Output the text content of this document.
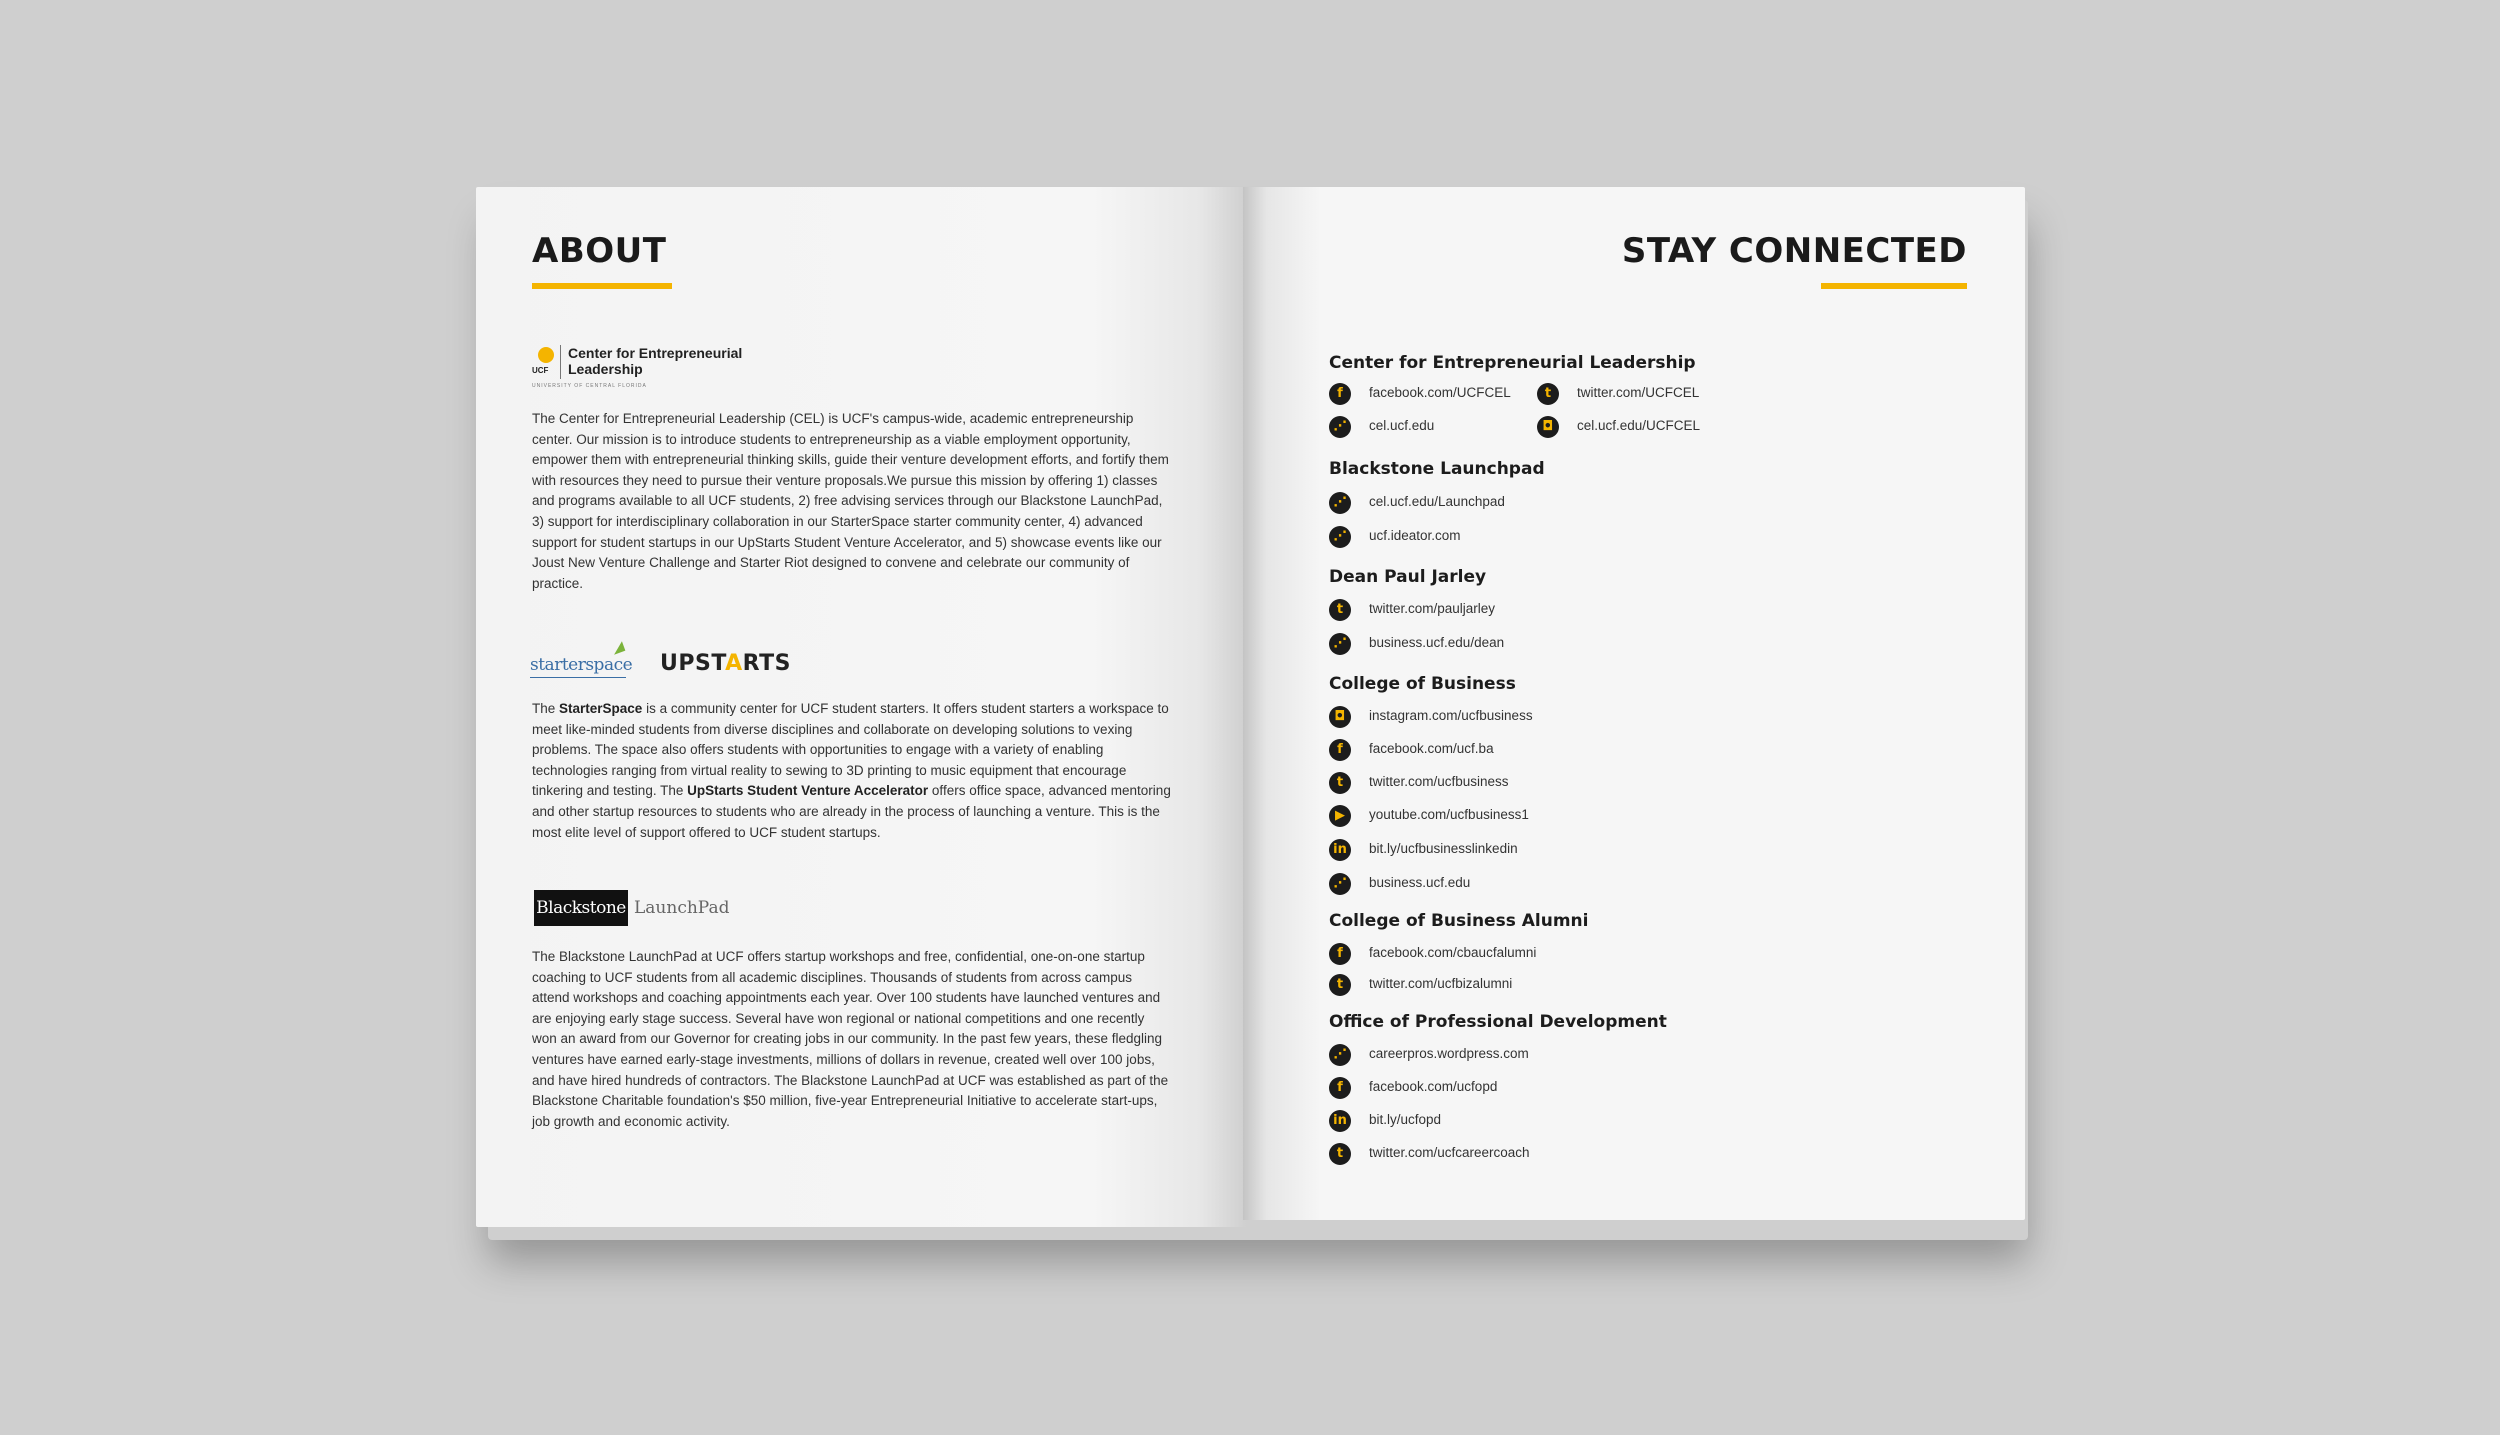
ABOUT
UCF
Center for Entrepreneurial Leadership
UNIVERSITY OF CENTRAL FLORIDA
The Center for Entrepreneurial Leadership (CEL) is UCF's campus-wide, academic entrepreneurship center. Our mission is to introduce students to entrepreneurship as a viable employment opportunity, empower them with entrepreneurial thinking skills, guide their venture development efforts, and fortify them with resources they need to pursue their venture proposals.We pursue this mission by offering 1) classes and programs available to all UCF students, 2) free advising services through our Blackstone LaunchPad, 3) support for interdisciplinary collaboration in our StarterSpace starter community center, 4) advanced support for student startups in our UpStarts Student Venture Accelerator, and 5) showcase events like our Joust New Venture Challenge and Starter Riot designed to convene and celebrate our community of practice.
starterspace UPSTARTS
The StarterSpace is a community center for UCF student starters. It offers student starters a workspace to meet like-minded students from diverse disciplines and collaborate on developing solutions to vexing problems. The space also offers students with opportunities to engage with a variety of enabling technologies ranging from virtual reality to sewing to 3D printing to music equipment that encourage tinkering and testing. The UpStarts Student Venture Accelerator offers office space, advanced mentoring and other startup resources to students who are already in the process of launching a venture. This is the most elite level of support offered to UCF student startups.
Blackstone LaunchPad
The Blackstone LaunchPad at UCF offers startup workshops and free, confidential, one-on-one startup coaching to UCF students from all academic disciplines. Thousands of students from across campus attend workshops and coaching appointments each year. Over 100 students have launched ventures and are enjoying early stage success. Several have won regional or national competitions and one recently won an award from our Governor for creating jobs in our community. In the past few years, these fledgling ventures have earned early-stage investments, millions of dollars in revenue, created well over 100 jobs, and have hired hundreds of contractors. The Blackstone LaunchPad at UCF was established as part of the Blackstone Charitable foundation's $50 million, five-year Entrepreneurial Initiative to accelerate start-ups, job growth and economic activity.
STAY CONNECTED
Center for Entrepreneurial Leadership
f	facebook.com/UCFCEL	t	twitter.com/UCFCEL
⋰	cel.ucf.edu	◘	cel.ucf.edu/UCFCEL
Blackstone Launchpad
⋰	cel.ucf.edu/Launchpad
⋰	ucf.ideator.com
Dean Paul Jarley
t	twitter.com/pauljarley
⋰	business.ucf.edu/dean
College of Business
◘	instagram.com/ucfbusiness
f	facebook.com/ucf.ba
t	twitter.com/ucfbusiness
▶	youtube.com/ucfbusiness1
in	bit.ly/ucfbusinesslinkedin
⋰	business.ucf.edu
College of Business Alumni
f	facebook.com/cbaucfalumni
t	twitter.com/ucfbizalumni
Office of Professional Development
⋰	careerpros.wordpress.com
f	facebook.com/ucfopd
in	bit.ly/ucfopd
t	twitter.com/ucfcareercoach
